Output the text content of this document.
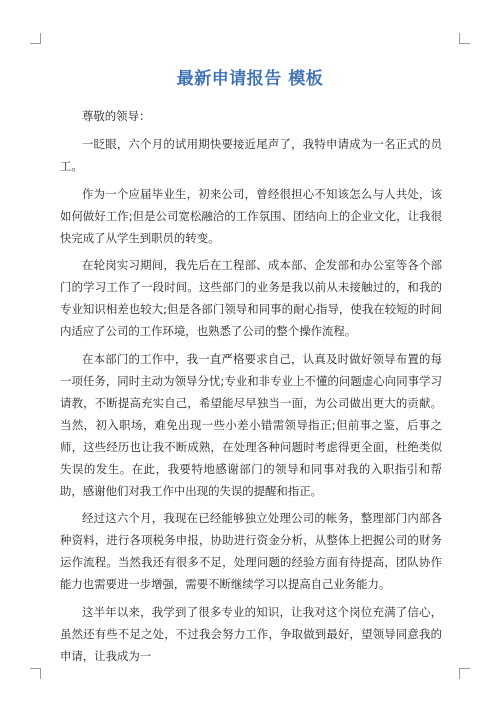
最新申请报告 模板

尊敬的领导：

一眨眼，六个月的试用期快要接近尾声了，我特申请成为一名正式的员工。

作为一个应届毕业生，初来公司，曾经很担心不知该怎么与人共处，该如何做好工作;但是公司宽松融洽的工作氛围、团结向上的企业文化，让我很快完成了从学生到职员的转变。

在轮岗实习期间，我先后在工程部、成本部、企发部和办公室等各个部门的学习工作了一段时间。这些部门的业务是我以前从未接触过的，和我的专业知识相差也较大;但是各部门领导和同事的耐心指导，使我在较短的时间内适应了公司的工作环境，也熟悉了公司的整个操作流程。

在本部门的工作中，我一直严格要求自己，认真及时做好领导布置的每一项任务，同时主动为领导分忧;专业和非专业上不懂的问题虚心向同事学习请教，不断提高充实自己，希望能尽早独当一面，为公司做出更大的贡献。当然，初入职场，难免出现一些小差小错需领导指正;但前事之鉴，后事之师，这些经历也让我不断成熟，在处理各种问题时考虑得更全面，杜绝类似失误的发生。在此，我要特地感谢部门的领导和同事对我的入职指引和帮助，感谢他们对我工作中出现的失误的提醒和指正。

经过这六个月，我现在已经能够独立处理公司的帐务，整理部门内部各种资料，进行各项税务申报，协助进行资金分析，从整体上把握公司的财务运作流程。当然我还有很多不足，处理问题的经验方面有待提高，团队协作能力也需要进一步增强，需要不断继续学习以提高自己业务能力。

这半年以来，我学到了很多专业的知识，让我对这个岗位充满了信心，虽然还有些不足之处，不过我会努力工作，争取做到最好，望领导同意我的申请，让我成为一
